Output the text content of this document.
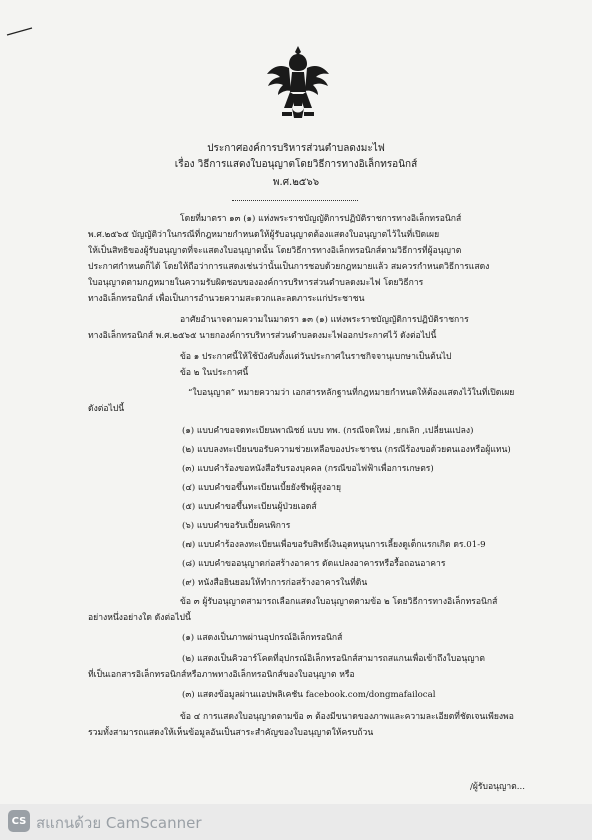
ประกาศองค์การบริหารส่วนตำบลดงมะไฟ
เรื่อง วิธีการแสดงใบอนุญาตโดยวิธีการทางอิเล็กทรอนิกส์
พ.ศ.๒๕๖๖
โดยที่มาตรา ๑๓ (๑) แห่งพระราชบัญญัติการปฏิบัติราชการทางอิเล็กทรอนิกส์
พ.ศ.๒๕๖๕ บัญญัติว่าในกรณีที่กฎหมายกำหนดให้ผู้รับอนุญาตต้องแสดงใบอนุญาตไว้ในที่เปิดเผย
ให้เป็นสิทธิของผู้รับอนุญาตที่จะแสดงใบอนุญาตนั้น โดยวิธีการทางอิเล็กทรอนิกส์ตามวิธีการที่ผู้อนุญาต
ประกาศกำหนดก็ได้ โดยให้ถือว่าการแสดงเช่นว่านั้นเป็นการชอบด้วยกฎหมายแล้ว สมควรกำหนดวิธีการแสดง
ใบอนุญาตตามกฎหมายในความรับผิดชอบขององค์การบริหารส่วนตำบลดงมะไฟ โดยวิธีการ
ทางอิเล็กทรอนิกส์ เพื่อเป็นการอำนวยความสะดวกและลดภาระแก่ประชาชน
อาศัยอำนาจตามความในมาตรา ๑๓ (๑) แห่งพระราชบัญญัติการปฏิบัติราชการ
ทางอิเล็กทรอนิกส์ พ.ศ.๒๕๖๕ นายกองค์การบริหารส่วนตำบลดงมะไฟออกประกาศไว้ ดังต่อไปนี้
ข้อ ๑ ประกาศนี้ให้ใช้บังคับตั้งแต่วันประกาศในราชกิจจานุเบกษาเป็นต้นไป
ข้อ ๒ ในประกาศนี้
“ใบอนุญาต” หมายความว่า เอกสารหลักฐานที่กฎหมายกำหนดให้ต้องแสดงไว้ในที่เปิดเผย
ดังต่อไปนี้
(๑) แบบคำขอจดทะเบียนพาณิชย์ แบบ ทพ. (กรณีจดใหม่ ,ยกเลิก ,เปลี่ยนแปลง)
(๒) แบบลงทะเบียนขอรับความช่วยเหลือของประชาชน (กรณีร้องขอด้วยตนเองหรือผู้แทน)
(๓) แบบคำร้องขอหนังสือรับรองบุคคล (กรณีขอไฟฟ้าเพื่อการเกษตร)
(๔) แบบคำขอขึ้นทะเบียนเบี้ยยังชีพผู้สูงอายุ
(๕) แบบคำขอขึ้นทะเบียนผู้ป่วยเอดส์
(๖) แบบคำขอรับเบี้ยคนพิการ
(๗) แบบคำร้องลงทะเบียนเพื่อขอรับสิทธิ์เงินอุดหนุนการเลี้ยงดูเด็กแรกเกิด ดร.01-9
(๘) แบบคำขออนุญาตก่อสร้างอาคาร ดัดแปลงอาคารหรือรื้อถอนอาคาร
(๙) หนังสือยินยอมให้ทำการก่อสร้างอาคารในที่ดิน
ข้อ ๓ ผู้รับอนุญาตสามารถเลือกแสดงใบอนุญาตตามข้อ ๒ โดยวิธีการทางอิเล็กทรอนิกส์
อย่างหนึ่งอย่างใด ดังต่อไปนี้
(๑) แสดงเป็นภาพผ่านอุปกรณ์อิเล็กทรอนิกส์
(๒) แสดงเป็นคิวอาร์โคดที่อุปกรณ์อิเล็กทรอนิกส์สามารถสแกนเพื่อเข้าถึงใบอนุญาต
ที่เป็นเอกสารอิเล็กทรอนิกส์หรือภาพทางอิเล็กทรอนิกส์ของใบอนุญาต หรือ
(๓) แสดงข้อมูลผ่านแอปพลิเคชัน facebook.com/dongmafailocal
ข้อ ๔ การแสดงใบอนุญาตตามข้อ ๓ ต้องมีขนาดของภาพและความละเอียดที่ชัดเจนเพียงพอ
รวมทั้งสามารถแสดงให้เห็นข้อมูลอันเป็นสาระสำคัญของใบอนุญาตให้ครบถ้วน
/ผู้รับอนุญาต...
CS สแกนด้วย CamScanner
